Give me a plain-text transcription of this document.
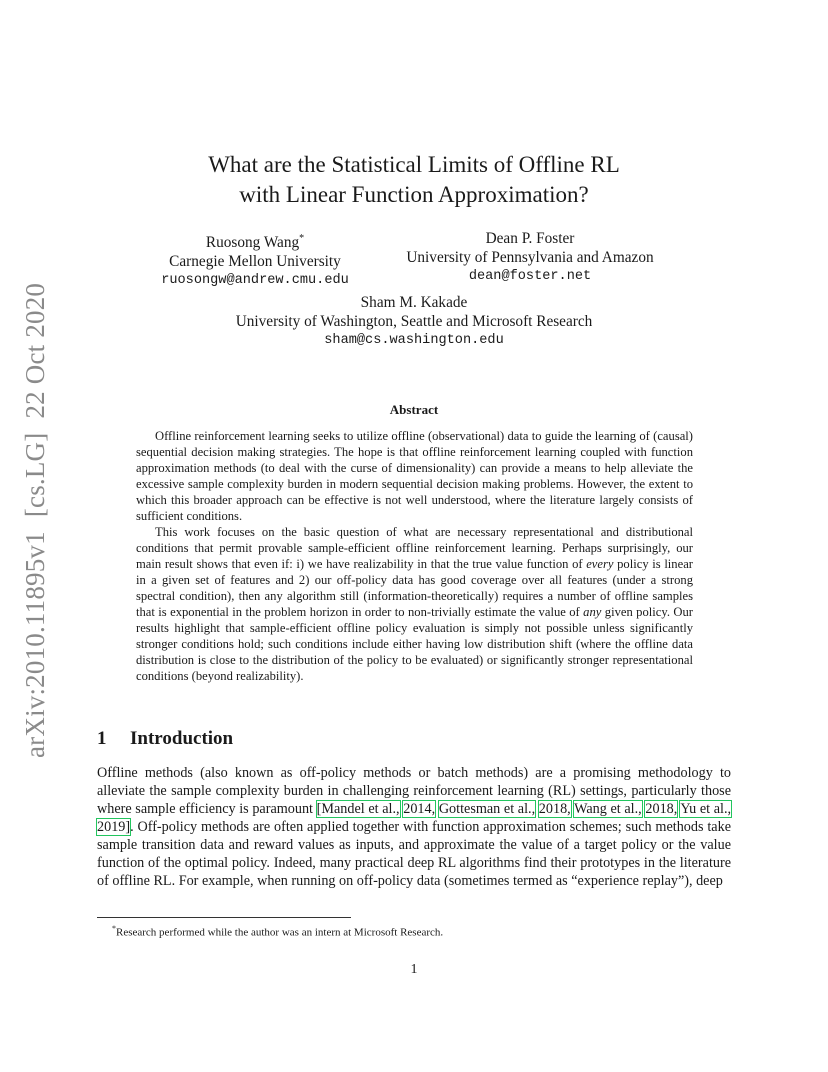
arXiv:2010.11895v1[cs.LG]22 Oct 2020
What are the Statistical Limits of Offline RL
with Linear Function Approximation?
Ruosong Wang*
Carnegie Mellon University
ruosongw@andrew.cmu.edu
Dean P. Foster
University of Pennsylvania and Amazon
dean@foster.net
Sham M. Kakade
University of Washington, Seattle and Microsoft Research
sham@cs.washington.edu
Abstract

Offline reinforcement learning seeks to utilize offline (observational) data to guide the learning of (causal) sequential decision making strategies. The hope is that offline reinforcement learning coupled with function approximation methods (to deal with the curse of dimensionality) can provide a means to help alleviate the excessive sample complexity burden in modern sequential decision making problems. However, the extent to which this broader approach can be effective is not well understood, where the literature largely consists of sufficient conditions.

This work focuses on the basic question of what are necessary representational and distributional conditions that permit provable sample-efficient offline reinforcement learning. Perhaps surprisingly, our main result shows that even if: i) we have realizability in that the true value function of every policy is linear in a given set of features and 2) our off-policy data has good coverage over all features (under a strong spectral condition), then any algorithm still (information-theoretically) requires a number of offline samples that is exponential in the problem horizon in order to non-trivially estimate the value of any given policy. Our results highlight that sample-efficient offline policy evaluation is simply not possible unless significantly stronger conditions hold; such conditions include either having low distribution shift (where the offline data distribution is close to the distribution of the policy to be evaluated) or significantly stronger representational conditions (beyond realizability).

1 Introduction

Offline methods (also known as off-policy methods or batch methods) are a promising methodology to alleviate the sample complexity burden in challenging reinforcement learning (RL) settings, particularly those where sample efficiency is paramount [Mandel et al., 2014, Gottesman et al., 2018, Wang et al., 2018, Yu et al., 2019]. Off-policy methods are often applied together with function approximation schemes; such methods take sample transition data and reward values as inputs, and approximate the value of a target policy or the value function of the optimal policy. Indeed, many practical deep RL algorithms find their prototypes in the literature of offline RL. For example, when running on off-policy data (sometimes termed as “experience replay”), deep

*Research performed while the author was an intern at Microsoft Research.
1
